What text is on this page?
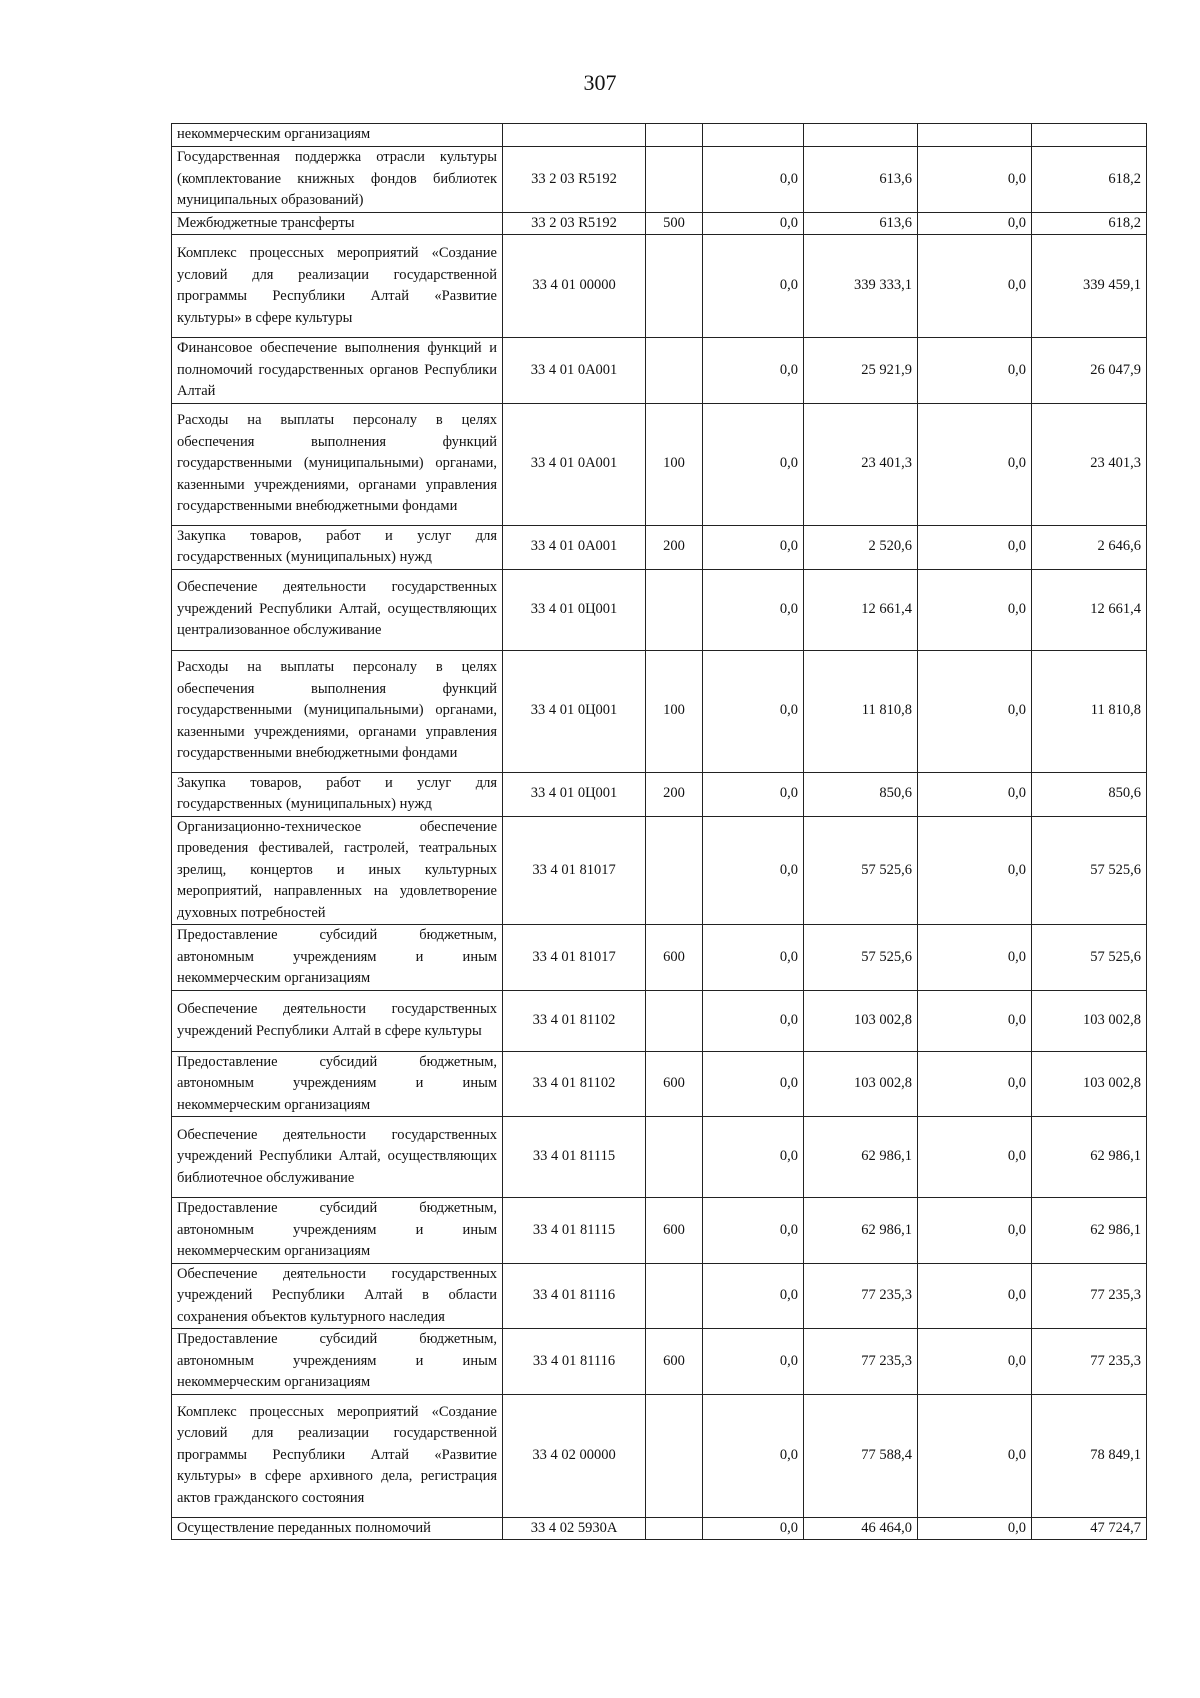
307
некоммерческим организациям						
Государственная поддержка отрасли культуры (комплектование книжных фондов библиотек муниципальных образований)	33 2 03 R5192		0,0	613,6	0,0	618,2
Межбюджетные трансферты	33 2 03 R5192	500	0,0	613,6	0,0	618,2
Комплекс процессных мероприятий «Создание условий для реализации государственной программы Республики Алтай «Развитие культуры» в сфере культуры	33 4 01 00000		0,0	339 333,1	0,0	339 459,1
Финансовое обеспечение выполнения функций и полномочий государственных органов Республики Алтай	33 4 01 0А001		0,0	25 921,9	0,0	26 047,9
Расходы на выплаты персоналу в целях обеспечения выполнения функций государственными (муниципальными) органами, казенными учреждениями, органами управления государственными внебюджетными фондами	33 4 01 0А001	100	0,0	23 401,3	0,0	23 401,3
Закупка товаров, работ и услуг для государственных (муниципальных) нужд	33 4 01 0А001	200	0,0	2 520,6	0,0	2 646,6
Обеспечение деятельности государственных учреждений Республики Алтай, осуществляющих централизованное обслуживание	33 4 01 0Ц001		0,0	12 661,4	0,0	12 661,4
Расходы на выплаты персоналу в целях обеспечения выполнения функций государственными (муниципальными) органами, казенными учреждениями, органами управления государственными внебюджетными фондами	33 4 01 0Ц001	100	0,0	11 810,8	0,0	11 810,8
Закупка товаров, работ и услуг для государственных (муниципальных) нужд	33 4 01 0Ц001	200	0,0	850,6	0,0	850,6
Организационно-техническое обеспечение проведения фестивалей, гастролей, театральных зрелищ, концертов и иных культурных мероприятий, направленных на удовлетворение духовных потребностей	33 4 01 81017		0,0	57 525,6	0,0	57 525,6
Предоставление субсидий бюджетным, автономным учреждениям и иным некоммерческим организациям	33 4 01 81017	600	0,0	57 525,6	0,0	57 525,6
Обеспечение деятельности государственных учреждений Республики Алтай в сфере культуры	33 4 01 81102		0,0	103 002,8	0,0	103 002,8
Предоставление субсидий бюджетным, автономным учреждениям и иным некоммерческим организациям	33 4 01 81102	600	0,0	103 002,8	0,0	103 002,8
Обеспечение деятельности государственных учреждений Республики Алтай, осуществляющих библиотечное обслуживание	33 4 01 81115		0,0	62 986,1	0,0	62 986,1
Предоставление субсидий бюджетным, автономным учреждениям и иным некоммерческим организациям	33 4 01 81115	600	0,0	62 986,1	0,0	62 986,1
Обеспечение деятельности государственных учреждений Республики Алтай в области сохранения объектов культурного наследия	33 4 01 81116		0,0	77 235,3	0,0	77 235,3
Предоставление субсидий бюджетным, автономным учреждениям и иным некоммерческим организациям	33 4 01 81116	600	0,0	77 235,3	0,0	77 235,3
Комплекс процессных мероприятий «Создание условий для реализации государственной программы Республики Алтай «Развитие культуры» в сфере архивного дела, регистрация актов гражданского состояния	33 4 02 00000		0,0	77 588,4	0,0	78 849,1
Осуществление переданных полномочий	33 4 02 5930А		0,0	46 464,0	0,0	47 724,7
